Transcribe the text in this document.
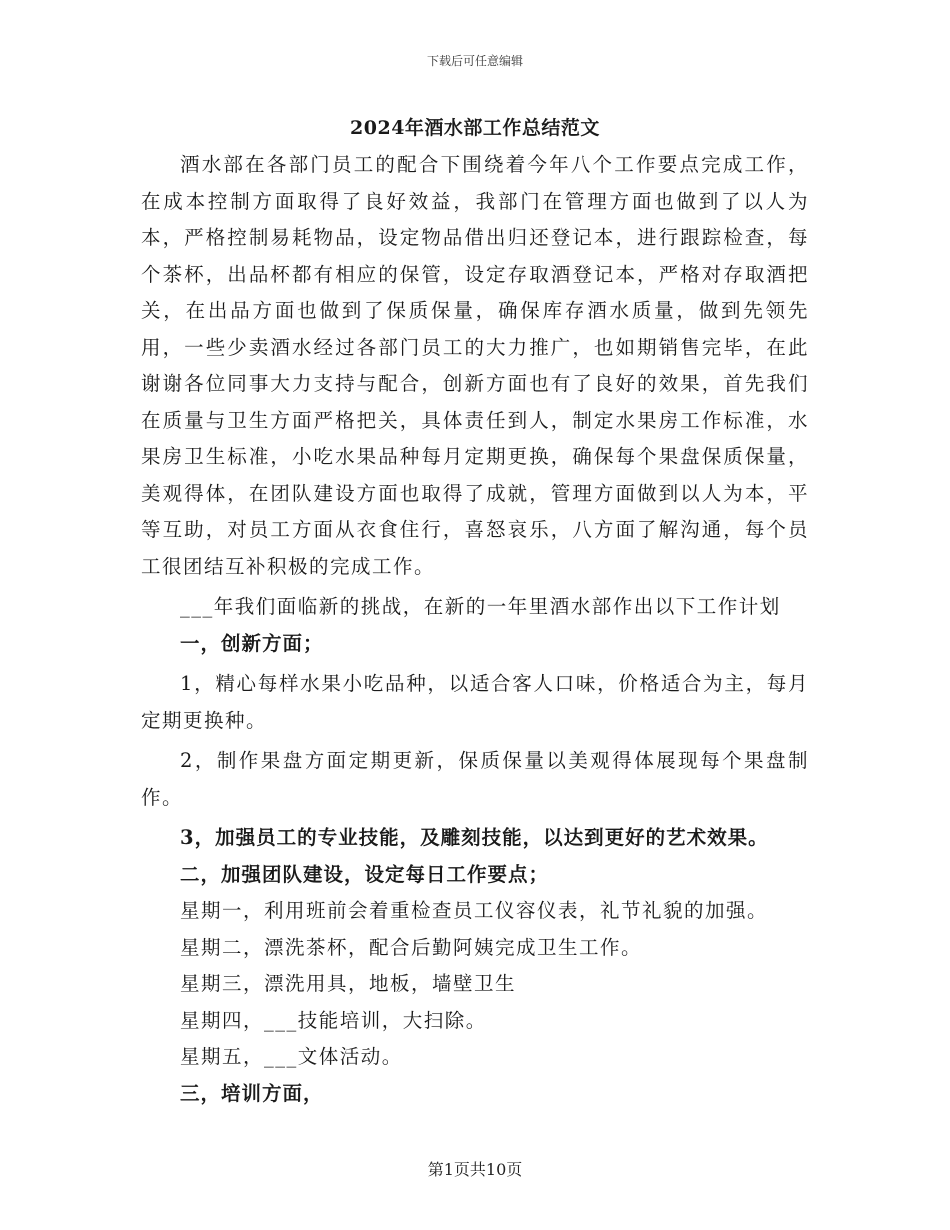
下载后可任意编辑
2024年酒水部工作总结范文

酒水部在各部门员工的配合下围绕着今年八个工作要点完成工作，在成本控制方面取得了良好效益，我部门在管理方面也做到了以人为本，严格控制易耗物品，设定物品借出归还登记本，进行跟踪检查，每个茶杯，出品杯都有相应的保管，设定存取酒登记本，严格对存取酒把关，在出品方面也做到了保质保量，确保库存酒水质量，做到先领先用，一些少卖酒水经过各部门员工的大力推广，也如期销售完毕，在此谢谢各位同事大力支持与配合，创新方面也有了良好的效果，首先我们在质量与卫生方面严格把关，具体责任到人，制定水果房工作标准，水果房卫生标准，小吃水果品种每月定期更换，确保每个果盘保质保量，美观得体，在团队建设方面也取得了成就，管理方面做到以人为本，平等互助，对员工方面从衣食住行，喜怒哀乐，八方面了解沟通，每个员工很团结互补积极的完成工作。

___年我们面临新的挑战，在新的一年里酒水部作出以下工作计划

一，创新方面；

1，精心每样水果小吃品种，以适合客人口味，价格适合为主，每月定期更换种。

2，制作果盘方面定期更新，保质保量以美观得体展现每个果盘制作。

3，加强员工的专业技能，及雕刻技能，以达到更好的艺术效果。

二，加强团队建设，设定每日工作要点；

星期一，利用班前会着重检查员工仪容仪表，礼节礼貌的加强。

星期二，漂洗茶杯，配合后勤阿姨完成卫生工作。

星期三，漂洗用具，地板，墙壁卫生

星期四，___技能培训，大扫除。

星期五，___文体活动。

三，培训方面，

第1页共10页
